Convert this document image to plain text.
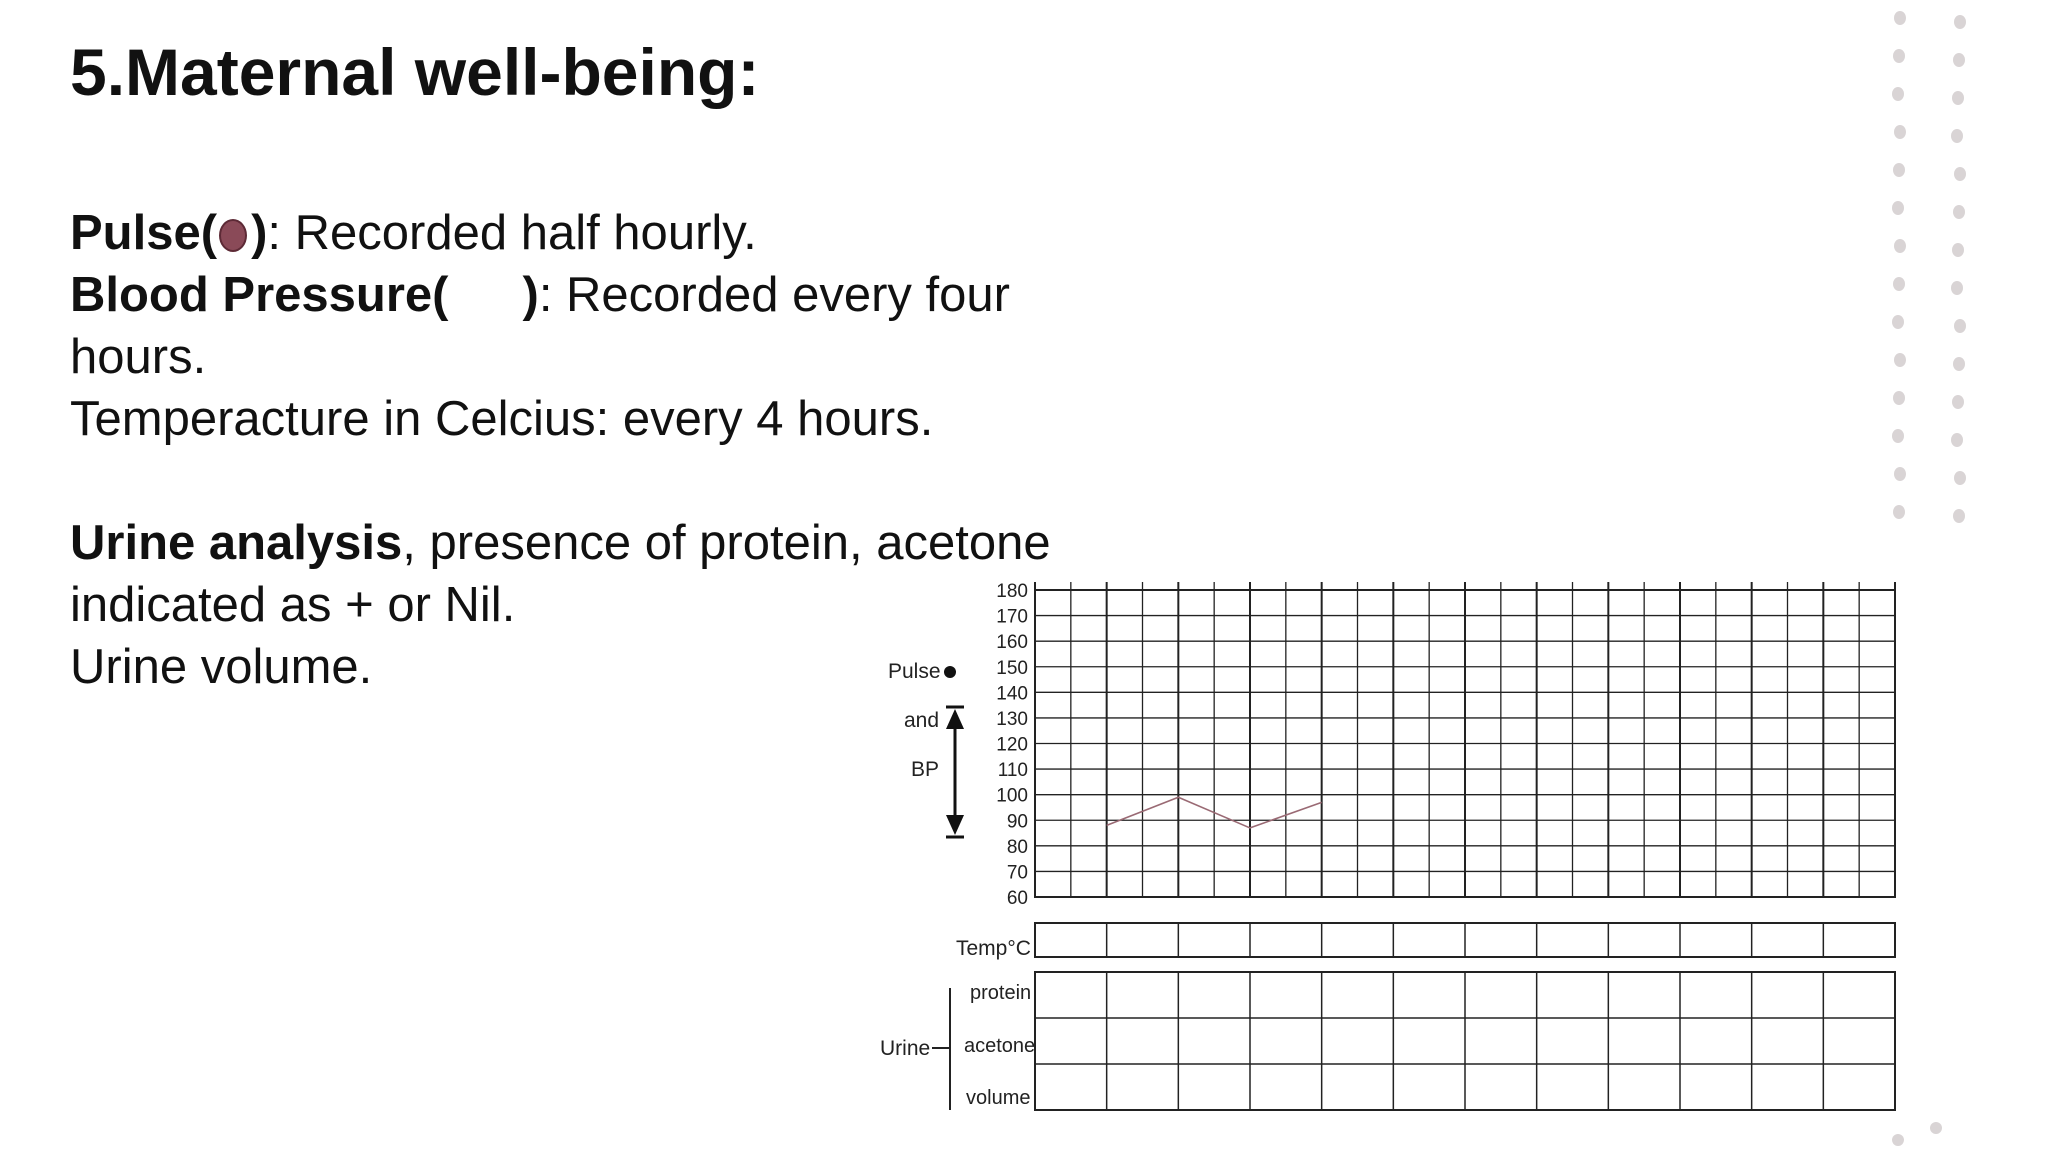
5.Maternal well-being:

Pulse( ): Recorded half hourly.

Blood Pressure( ): Recorded every four

hours.

Temperacture in Celcius: every 4 hours.

Urine analysis, presence of protein, acetone

indicated as + or Nil.

Urine volume.

180
170
160
150
140
130
120
110
100
90
80
70
60
Pulse
and
BP
Temp°C
Urine
protein
acetone
volume
